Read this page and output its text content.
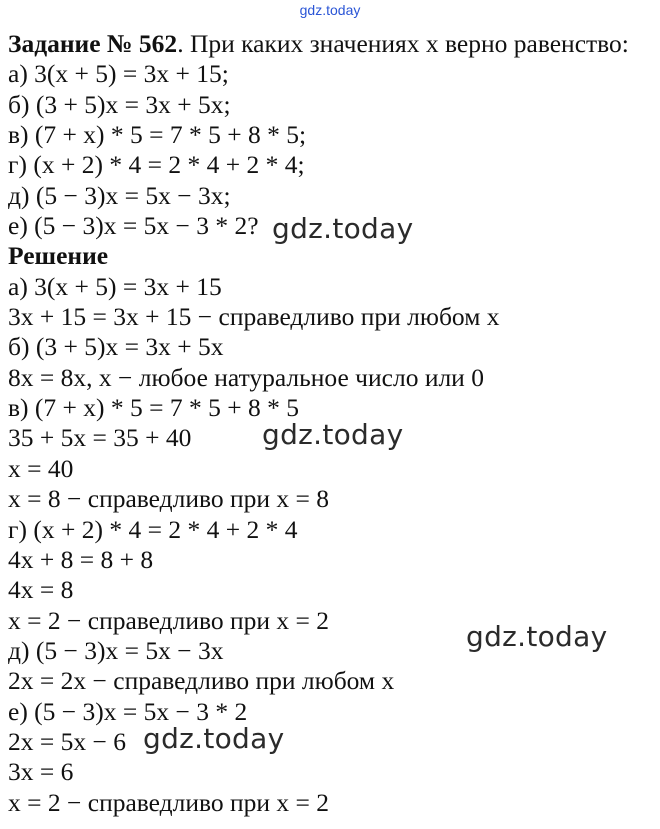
gdz.today
Задание № 562. При каких значениях x верно равенство:
а) 3(x + 5) = 3x + 15;
б) (3 + 5)x = 3x + 5x;
в) (7 + x) * 5 = 7 * 5 + 8 * 5;
г) (x + 2) * 4 = 2 * 4 + 2 * 4;
д) (5 − 3)x = 5x − 3x;
е) (5 − 3)x = 5x − 3 * 2?
Решение
а) 3(x + 5) = 3x + 15
3x + 15 = 3x + 15 − справедливо при любом x
б) (3 + 5)x = 3x + 5x
8x = 8x, x − любое натуральное число или 0
в) (7 + x) * 5 = 7 * 5 + 8 * 5
35 + 5x = 35 + 40
x = 40
x = 8 − справедливо при x = 8
г) (x + 2) * 4 = 2 * 4 + 2 * 4
4x + 8 = 8 + 8
4x = 8
x = 2 − справедливо при x = 2
д) (5 − 3)x = 5x − 3x
2x = 2x − справедливо при любом x
е) (5 − 3)x = 5x − 3 * 2
2x = 5x − 6
3x = 6
x = 2 − справедливо при x = 2
gdz.today
gdz.today
gdz.today
gdz.today
